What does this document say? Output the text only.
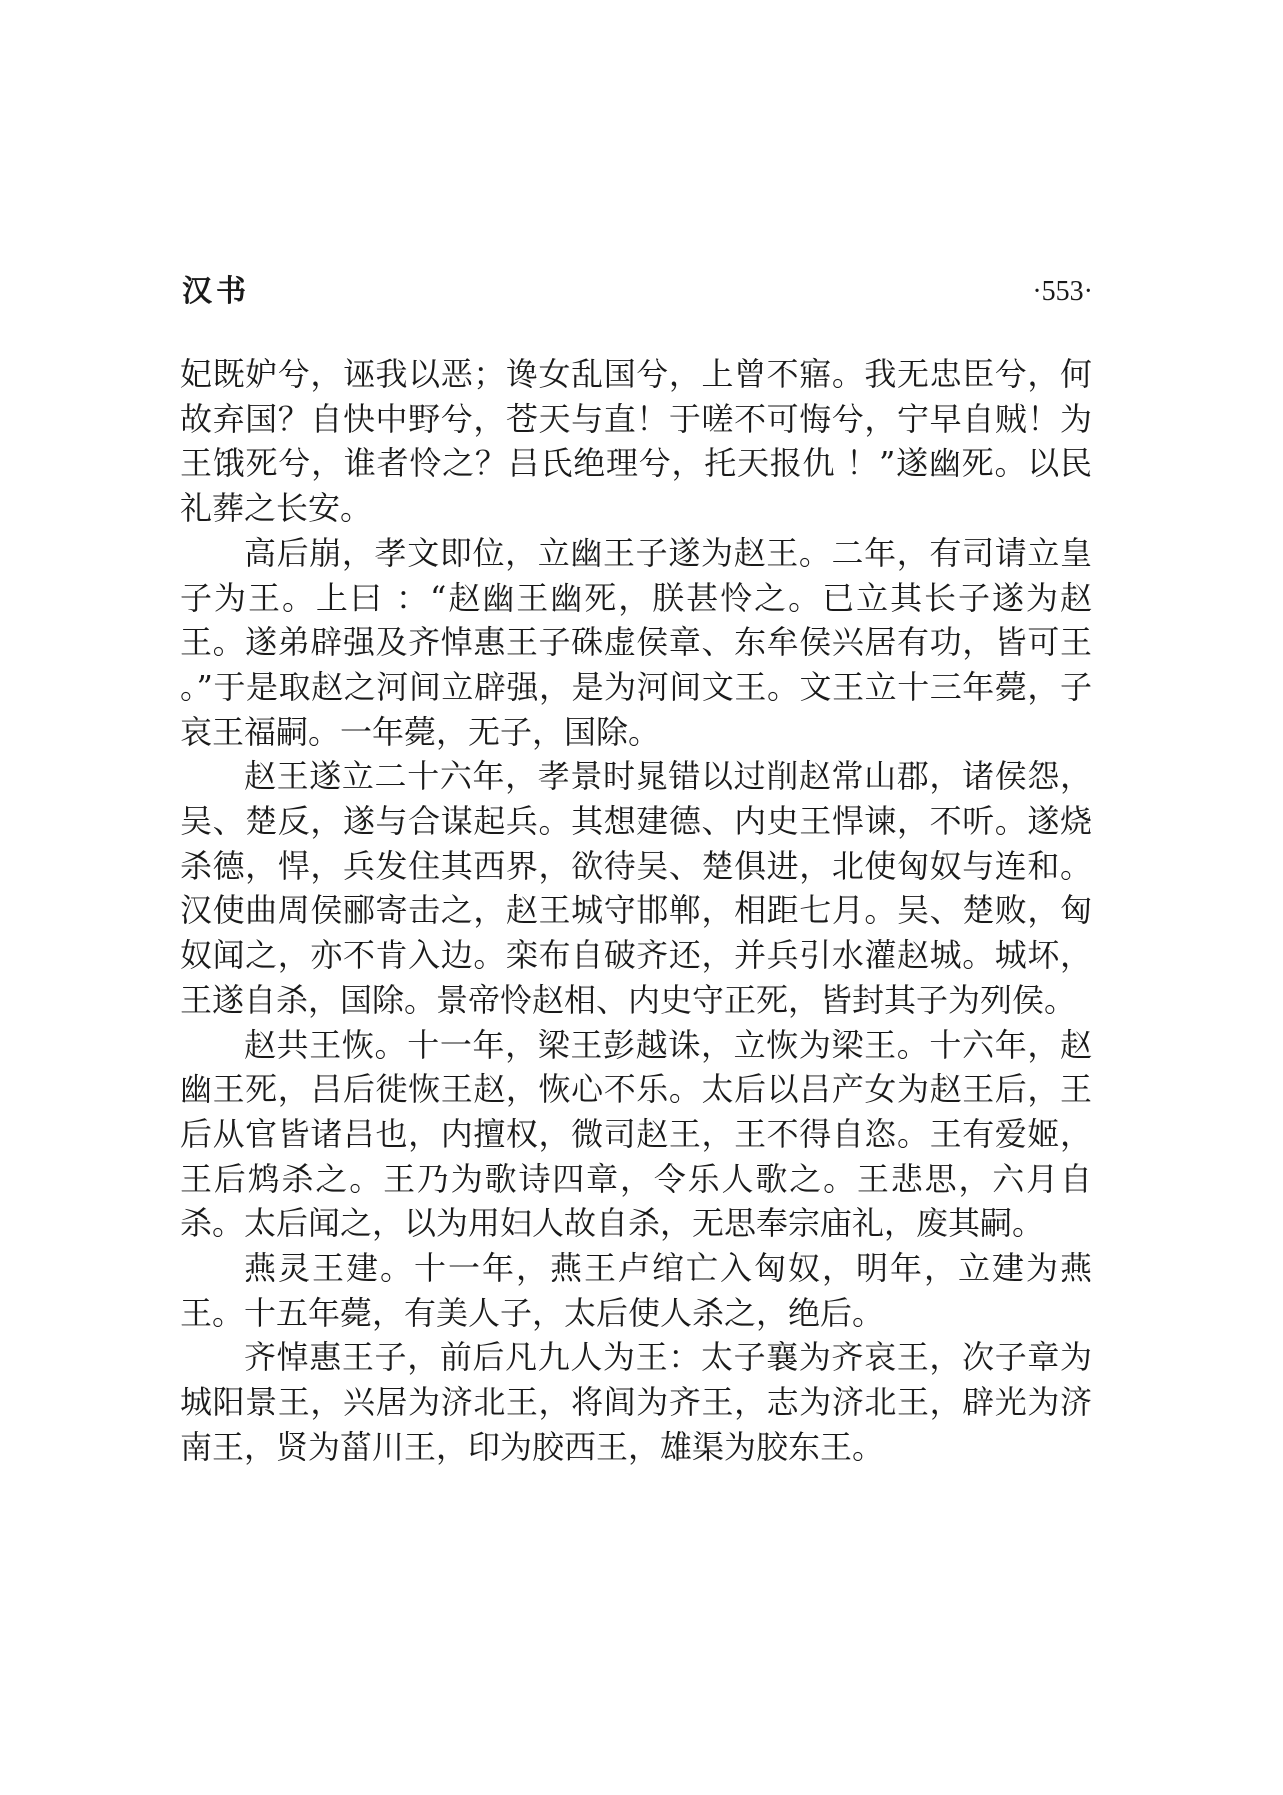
汉书	·553·

妃既妒兮，诬我以恶；谗女乱国兮，上曾不寤。我无忠臣兮，何故弃国？自快中野兮，苍天与直！于嗟不可悔兮，宁早自贼！为王饿死兮，谁者怜之？吕氏绝理兮，托天报仇 ！”遂幽死。以民礼葬之长安。

高后崩，孝文即位，立幽王子遂为赵王。二年，有司请立皇子为王。上曰 ：“赵幽王幽死，朕甚怜之。已立其长子遂为赵王。遂弟辟强及齐悼惠王子硃虚侯章、东牟侯兴居有功，皆可王 。”于是取赵之河间立辟强，是为河间文王。文王立十三年薨，子哀王福嗣。一年薨，无子，国除。

赵王遂立二十六年，孝景时晁错以过削赵常山郡，诸侯怨，吴、楚反，遂与合谋起兵。其想建德、内史王悍谏，不听。遂烧杀德，悍，兵发住其西界，欲待吴、楚俱进，北使匈奴与连和。汉使曲周侯郦寄击之，赵王城守邯郸，相距七月。吴、楚败，匈奴闻之，亦不肯入边。栾布自破齐还，并兵引水灌赵城。城坏，王遂自杀，国除。景帝怜赵相、内史守正死，皆封其子为列侯。

赵共王恢。十一年，梁王彭越诛，立恢为梁王。十六年，赵幽王死，吕后徙恢王赵，恢心不乐。太后以吕产女为赵王后，王后从官皆诸吕也，内擅权，微司赵王，王不得自恣。王有爱姬，王后鸩杀之。王乃为歌诗四章，令乐人歌之。王悲思，六月自杀。太后闻之，以为用妇人故自杀，无思奉宗庙礼，废其嗣。

燕灵王建。十一年，燕王卢绾亡入匈奴，明年，立建为燕王。十五年薨，有美人子，太后使人杀之，绝后。

齐悼惠王子，前后凡九人为王：太子襄为齐哀王，次子章为城阳景王，兴居为济北王，将闾为齐王，志为济北王，辟光为济南王，贤为菑川王，印为胶西王，雄渠为胶东王。
